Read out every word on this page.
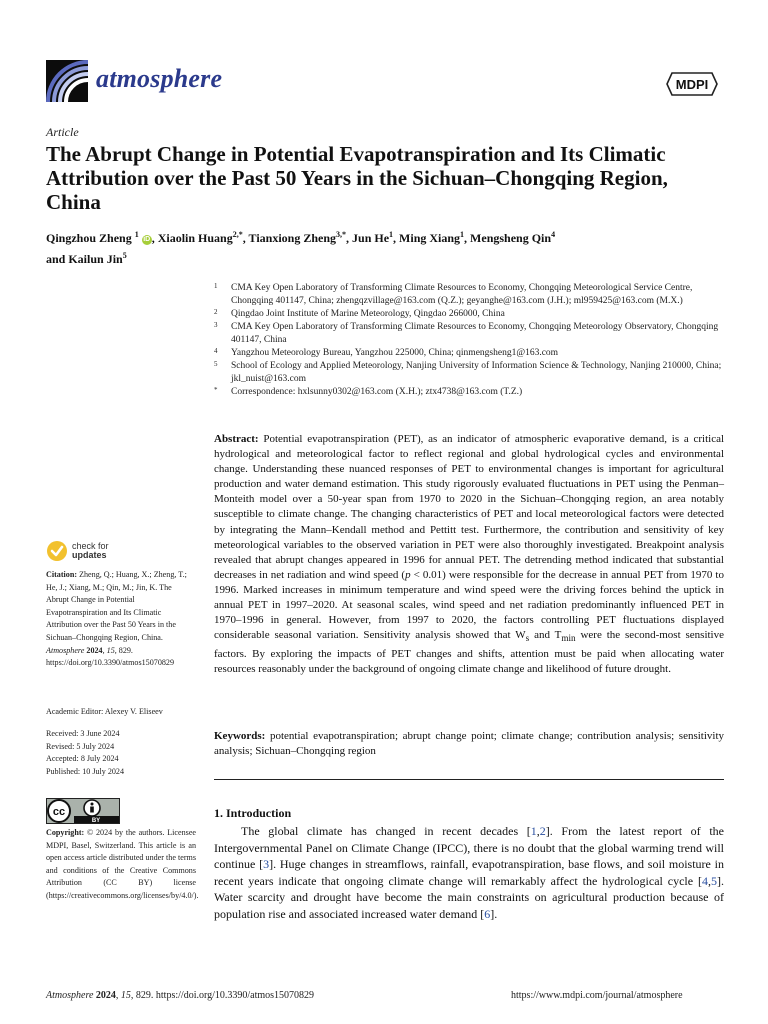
atmosphere	MDPI
Article
The Abrupt Change in Potential Evapotranspiration and Its Climatic Attribution over the Past 50 Years in the Sichuan–Chongqing Region, China
Qingzhou Zheng $^1$ iD , Xiaolin Huang$^{2,*}$, Tianxiong Zheng$^{3,*}$, Jun He$^1$, Ming Xiang$^1$, Mengsheng Qin$^4$
and Kailun Jin$^5$
1 CMA Key Open Laboratory of Transforming Climate Resources to Economy, Chongqing Meteorological Service Centre, Chongqing 401147, China; zhengqzvillage@163.com (Q.Z.); geyanghe@163.com (J.H.); ml959425@163.com (M.X.)
2 Qingdao Joint Institute of Marine Meteorology, Qingdao 266000, China
3 CMA Key Open Laboratory of Transforming Climate Resources to Economy, Chongqing Meteorology Observatory, Chongqing 401147, China
4 Yangzhou Meteorology Bureau, Yangzhou 225000, China; qinmengsheng1@163.com
5 School of Ecology and Applied Meteorology, Nanjing University of Information Science & Technology, Nanjing 210000, China; jkl_nuist@163.com
* Correspondence: hxlsunny0302@163.com (X.H.); ztx4738@163.com (T.Z.)

Abstract: Potential evapotranspiration (PET), as an indicator of atmospheric evaporative demand, is a critical hydrological and meteorological factor to reflect regional and global hydrological cycles and environmental change. Understanding these nuanced responses of PET to environmental changes is important for agricultural production and water demand estimation. This study rigorously evaluated fluctuations in PET using the Penman–Monteith model over a 50-year span from 1970 to 2020 in the Sichuan–Chongqing region, an area notably susceptible to climate change. The changing characteristics of PET and local meteorological factors were detected by integrating the Mann–Kendall method and Pettitt test. Furthermore, the contribution and sensitivity of key meteorological variables to the observed variation in PET were also thoroughly investigated. Breakpoint analysis revealed that abrupt changes appeared in 1996 for annual PET. The detrending method indicated that substantial decreases in net radiation and wind speed (p < 0.01) were responsible for the decrease in annual PET from 1970 to 1996. Marked increases in minimum temperature and wind speed were the driving forces behind the uptick in annual PET in 1997–2020. At seasonal scales, wind speed and net radiation predominantly influenced PET in 1970–1996 in general. However, from 1997 to 2020, the factors controlling PET fluctuations displayed considerable seasonal variation. Sensitivity analysis showed that $W_s$ and $T_{min}$ were the second-most sensitive factors. By exploring the impacts of PET changes and shifts, attention must be paid when allocating water resources reasonably under the background of ongoing climate change and likelihood of future drought.

Keywords: potential evapotranspiration; abrupt change point; climate change; contribution analysis; sensitivity analysis; Sichuan–Chongqing region

1. Introduction

The global climate has changed in recent decades [1,2]. From the latest report of the Intergovernmental Panel on Climate Change (IPCC), there is no doubt that the global warming trend will continue [3]. Huge changes in streamflows, rainfall, evapotranspiration, base flows, and soil moisture in recent years indicate that ongoing climate change will remarkably affect the hydrological cycle [4,5]. Water scarcity and drought have become the main constraints on agricultural production because of population rise and associated increased water demand [6].

check for
updates

Citation: Zheng, Q.; Huang, X.; Zheng, T.; He, J.; Xiang, M.; Qin, M.; Jin, K. The Abrupt Change in Potential Evapotranspiration and Its Climatic Attribution over the Past 50 Years in the Sichuan–Chongqing Region, China. Atmosphere 2024, 15, 829. https://doi.org/10.3390/atmos15070829

Academic Editor: Alexey V. Eliseev
Received: 3 June 2024
Revised: 5 July 2024
Accepted: 8 July 2024
Published: 10 July 2024
cc
BY

Copyright: © 2024 by the authors. Licensee MDPI, Basel, Switzerland. This article is an open access article distributed under the terms and conditions of the Creative Commons Attribution (CC BY) license (https://creativecommons.org/licenses/by/4.0/).

Atmosphere 2024, 15, 829. https://doi.org/10.3390/atmos15070829	https://www.mdpi.com/journal/atmosphere
